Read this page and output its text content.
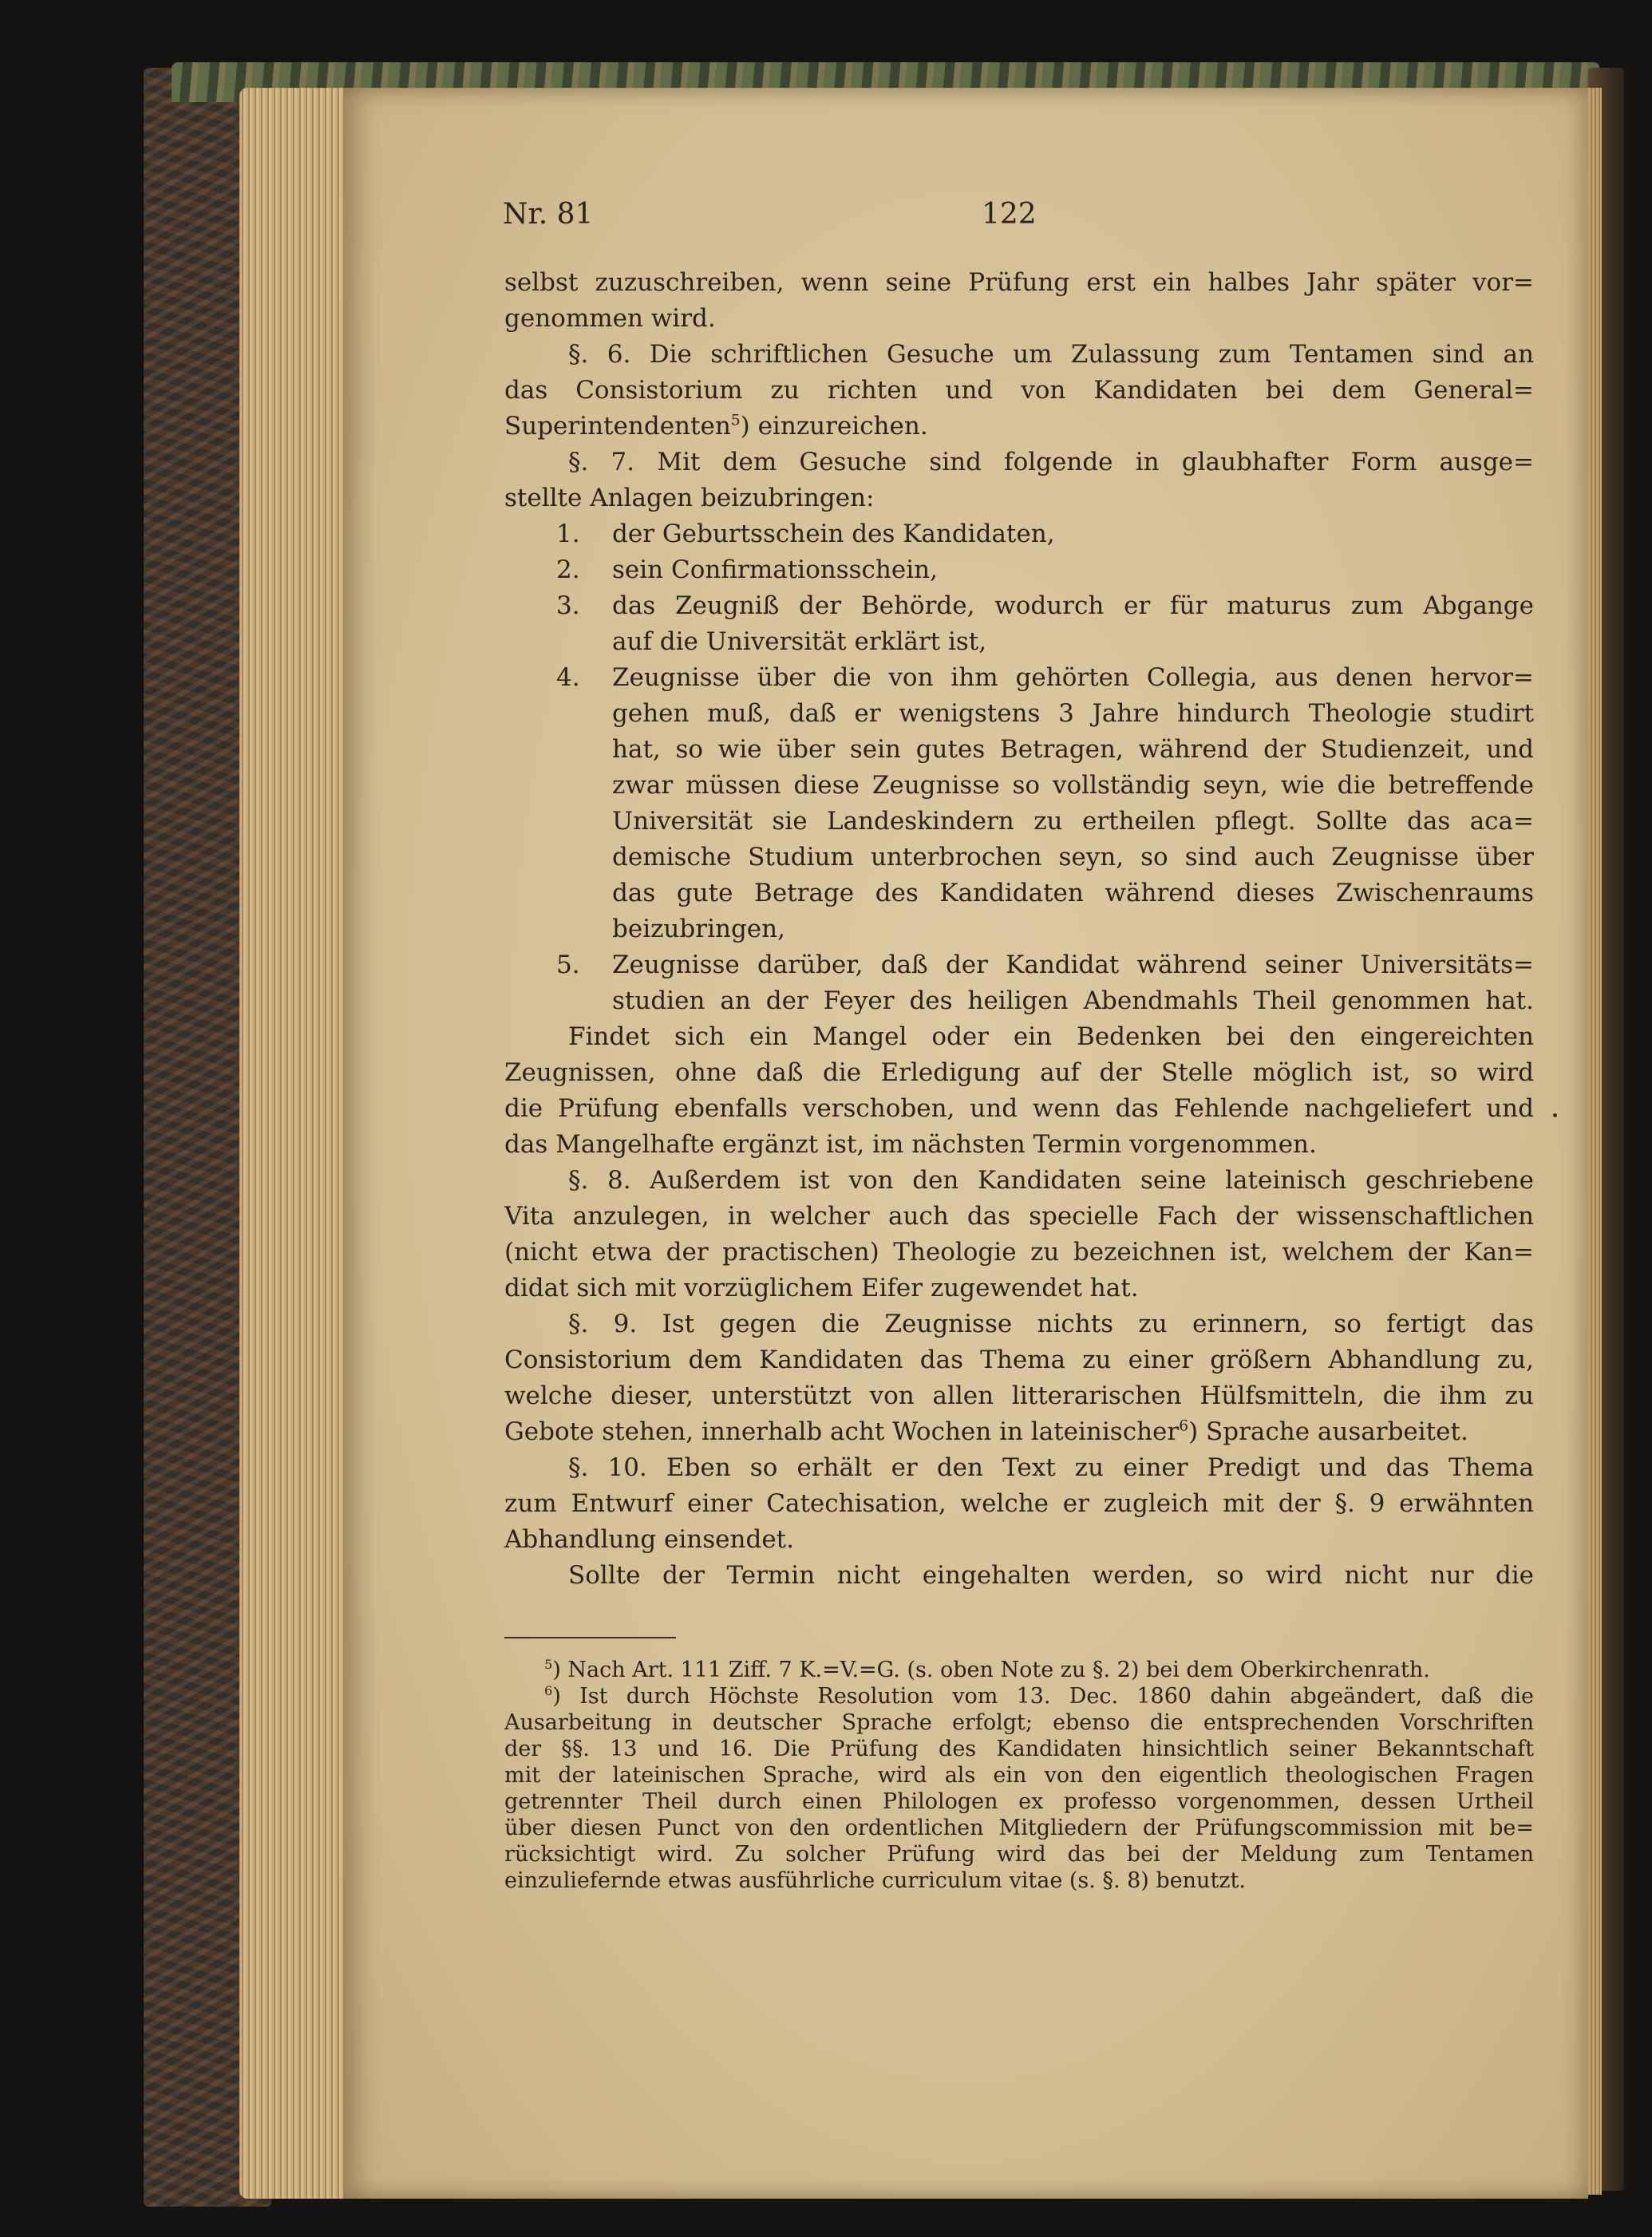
Nr. 81	122
selbst zuzuschreiben, wenn seine Prüfung erst ein halbes Jahr später vor=
genommen wird.
§. 6. Die schriftlichen Gesuche um Zulassung zum Tentamen sind an
das Consistorium zu richten und von Kandidaten bei dem General=
Superintendenten$^5$) einzureichen.
§. 7. Mit dem Gesuche sind folgende in glaubhafter Form ausge=
stellte Anlagen beizubringen:
1. der Geburtsschein des Kandidaten,
2. sein Confirmationsschein,
3.	das Zeugniß der Behörde, wodurch er für maturus zum Abgange
auf die Universität erklärt ist,
4.	Zeugnisse über die von ihm gehörten Collegia, aus denen hervor=
gehen muß, daß er wenigstens 3 Jahre hindurch Theologie studirt
hat, so wie über sein gutes Betragen, während der Studienzeit, und
zwar müssen diese Zeugnisse so vollständig seyn, wie die betreffende
Universität sie Landeskindern zu ertheilen pflegt. Sollte das aca=
demische Studium unterbrochen seyn, so sind auch Zeugnisse über
das gute Betrage des Kandidaten während dieses Zwischenraums
beizubringen,
5.	Zeugnisse darüber, daß der Kandidat während seiner Universitäts=
studien an der Feyer des heiligen Abendmahls Theil genommen hat.
Findet sich ein Mangel oder ein Bedenken bei den eingereichten
Zeugnissen, ohne daß die Erledigung auf der Stelle möglich ist, so wird
die Prüfung ebenfalls verschoben, und wenn das Fehlende nachgeliefert und
das Mangelhafte ergänzt ist, im nächsten Termin vorgenommen.
§. 8. Außerdem ist von den Kandidaten seine lateinisch geschriebene
Vita anzulegen, in welcher auch das specielle Fach der wissenschaftlichen
(nicht etwa der practischen) Theologie zu bezeichnen ist, welchem der Kan=
didat sich mit vorzüglichem Eifer zugewendet hat.
§. 9. Ist gegen die Zeugnisse nichts zu erinnern, so fertigt das
Consistorium dem Kandidaten das Thema zu einer größern Abhandlung zu,
welche dieser, unterstützt von allen litterarischen Hülfsmitteln, die ihm zu
Gebote stehen, innerhalb acht Wochen in lateinischer$^6$) Sprache ausarbeitet.
§. 10. Eben so erhält er den Text zu einer Predigt und das Thema
zum Entwurf einer Catechisation, welche er zugleich mit der §. 9 erwähnten
Abhandlung einsendet.
Sollte der Termin nicht eingehalten werden, so wird nicht nur die
$^5$) Nach Art. 111 Ziff. 7 K.=V.=G. (s. oben Note zu §. 2) bei dem Oberkirchenrath.
$^6$ ) Ist durch Höchste Resolution vom 13. Dec. 1860 dahin abgeändert, daß die
Ausarbeitung in deutscher Sprache erfolgt; ebenso die entsprechenden Vorschriften
der §§. 13 und 16. Die Prüfung des Kandidaten hinsichtlich seiner Bekanntschaft
mit der lateinischen Sprache, wird als ein von den eigentlich theologischen Fragen
getrennter Theil durch einen Philologen ex professo vorgenommen, dessen Urtheil
über diesen Punct von den ordentlichen Mitgliedern der Prüfungscommission mit be=
rücksichtigt wird. Zu solcher Prüfung wird das bei der Meldung zum Tentamen
einzuliefernde etwas ausführliche curriculum vitae (s. §. 8) benutzt.
